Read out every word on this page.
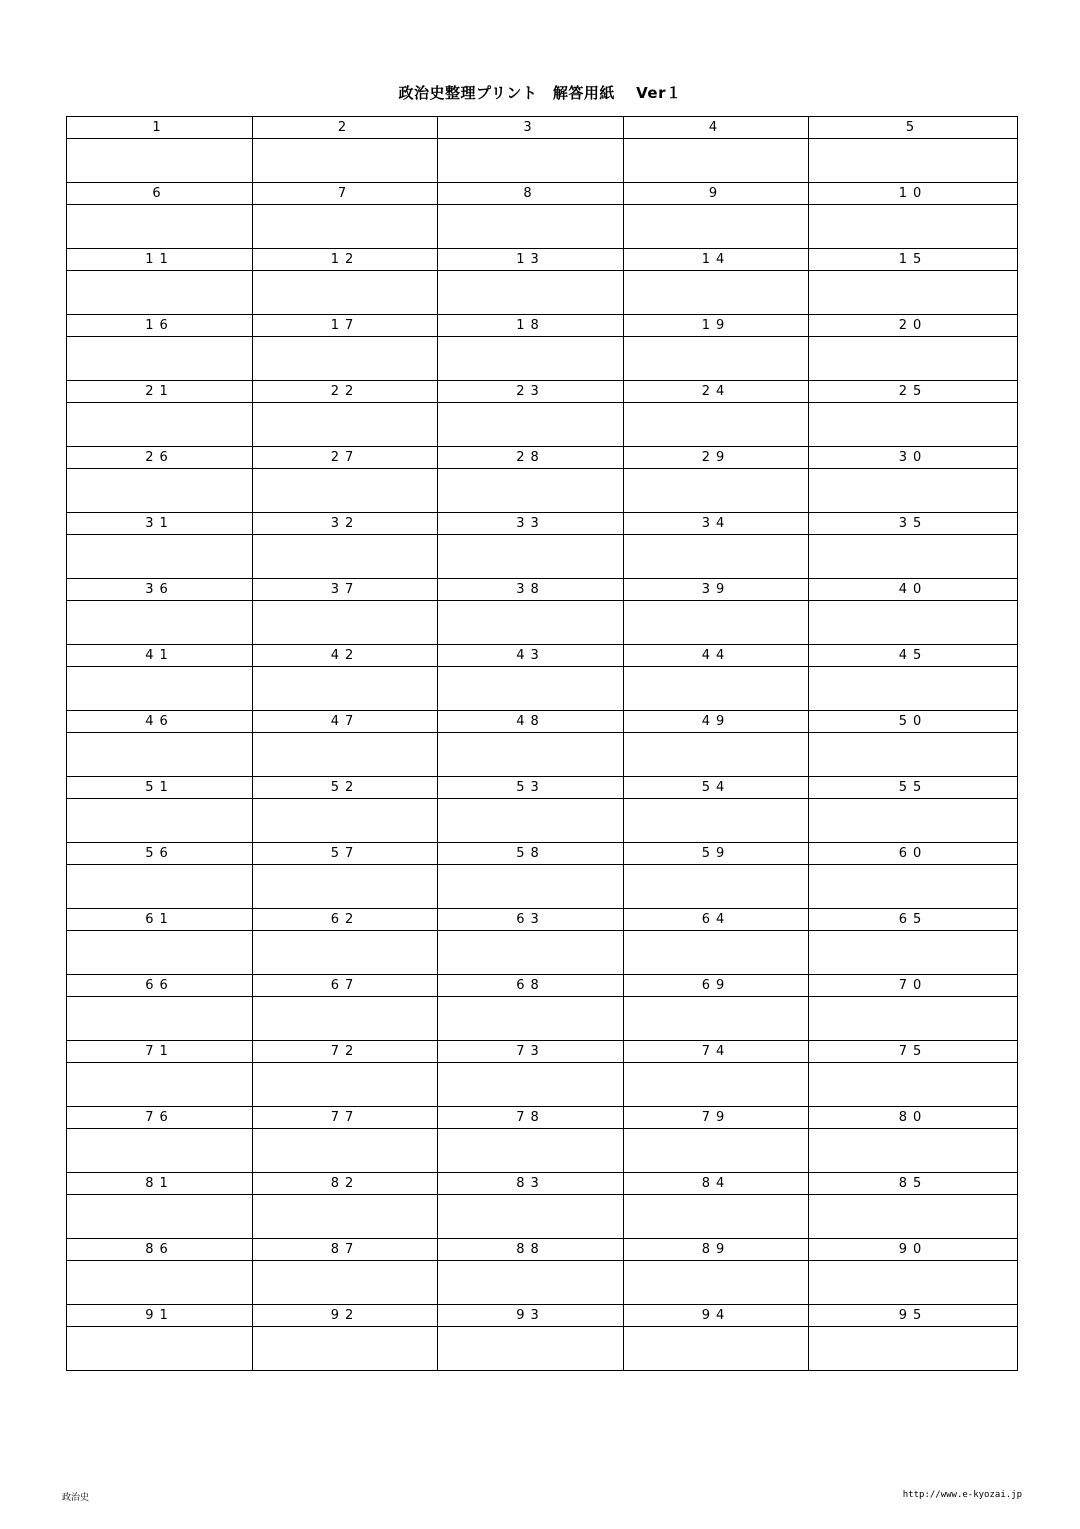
政治史整理プリント　解答用紙　 Ver１
1	2	3	4	5

6	7	8	9	10

11	12	13	14	15

16	17	18	19	20

21	22	23	24	25

26	27	28	29	30

31	32	33	34	35

36	37	38	39	40

41	42	43	44	45

46	47	48	49	50

51	52	53	54	55

56	57	58	59	60

61	62	63	64	65

66	67	68	69	70

71	72	73	74	75

76	77	78	79	80

81	82	83	84	85

86	87	88	89	90

91	92	93	94	95

政治史	http://www.e-kyozai.jp
